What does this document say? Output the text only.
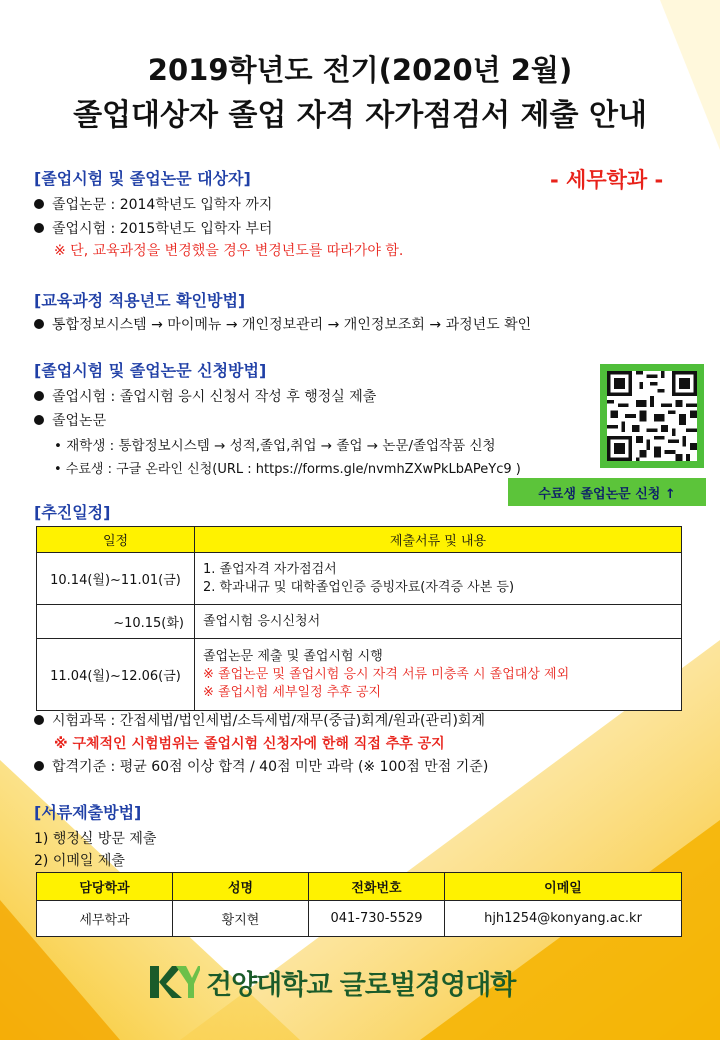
2019학년도 전기(2020년 2월)
졸업대상자 졸업 자격 자가점검서 제출 안내
- 세무학과 -
[졸업시험 및 졸업논문 대상자]
졸업논문 : 2014학년도 입학자 까지
졸업시험 : 2015학년도 입학자 부터
※ 단, 교육과정을 변경했을 경우 변경년도를 따라가야 함.
[교육과정 적용년도 확인방법]
통합정보시스템 → 마이메뉴 → 개인정보관리 → 개인정보조회 → 과정년도 확인
[졸업시험 및 졸업논문 신청방법]
졸업시험 : 졸업시험 응시 신청서 작성 후 행정실 제출
졸업논문
• 재학생 : 통합정보시스템 → 성적,졸업,취업 → 졸업 → 논문/졸업작품 신청
• 수료생 : 구글 온라인 신청(URL : https://forms.gle/nvmhZXwPkLbAPeYc9 )
수료생 졸업논문 신청 ↑
[추진일정]
일정	제출서류 및 내용
10.14(월)~11.01(금)	1. 졸업자격 자가점검서
2. 학과내규 및 대학졸업인증 증빙자료(자격증 사본 등)

~10.15(화)	졸업시험 응시신청서

11.04(월)~12.06(금)	졸업논문 제출 및 졸업시험 시행
※ 졸업논문 및 졸업시험 응시 자격 서류 미충족 시 졸업대상 제외
※ 졸업시험 세부일정 추후 공지
시험과목 : 간접세법/법인세법/소득세법/재무(중급)회계/원과(관리)회계
※ 구체적인 시험범위는 졸업시험 신청자에 한해 직접 추후 공지
합격기준 : 평균 60점 이상 합격 / 40점 미만 과락 (※ 100점 만점 기준)
[서류제출방법]
1) 행정실 방문 제출
2) 이메일 제출
담당학과	성명	전화번호	이메일
세무학과	황지현	041-730-5529	hjh1254@konyang.ac.kr
건양대학교 글로벌경영대학
